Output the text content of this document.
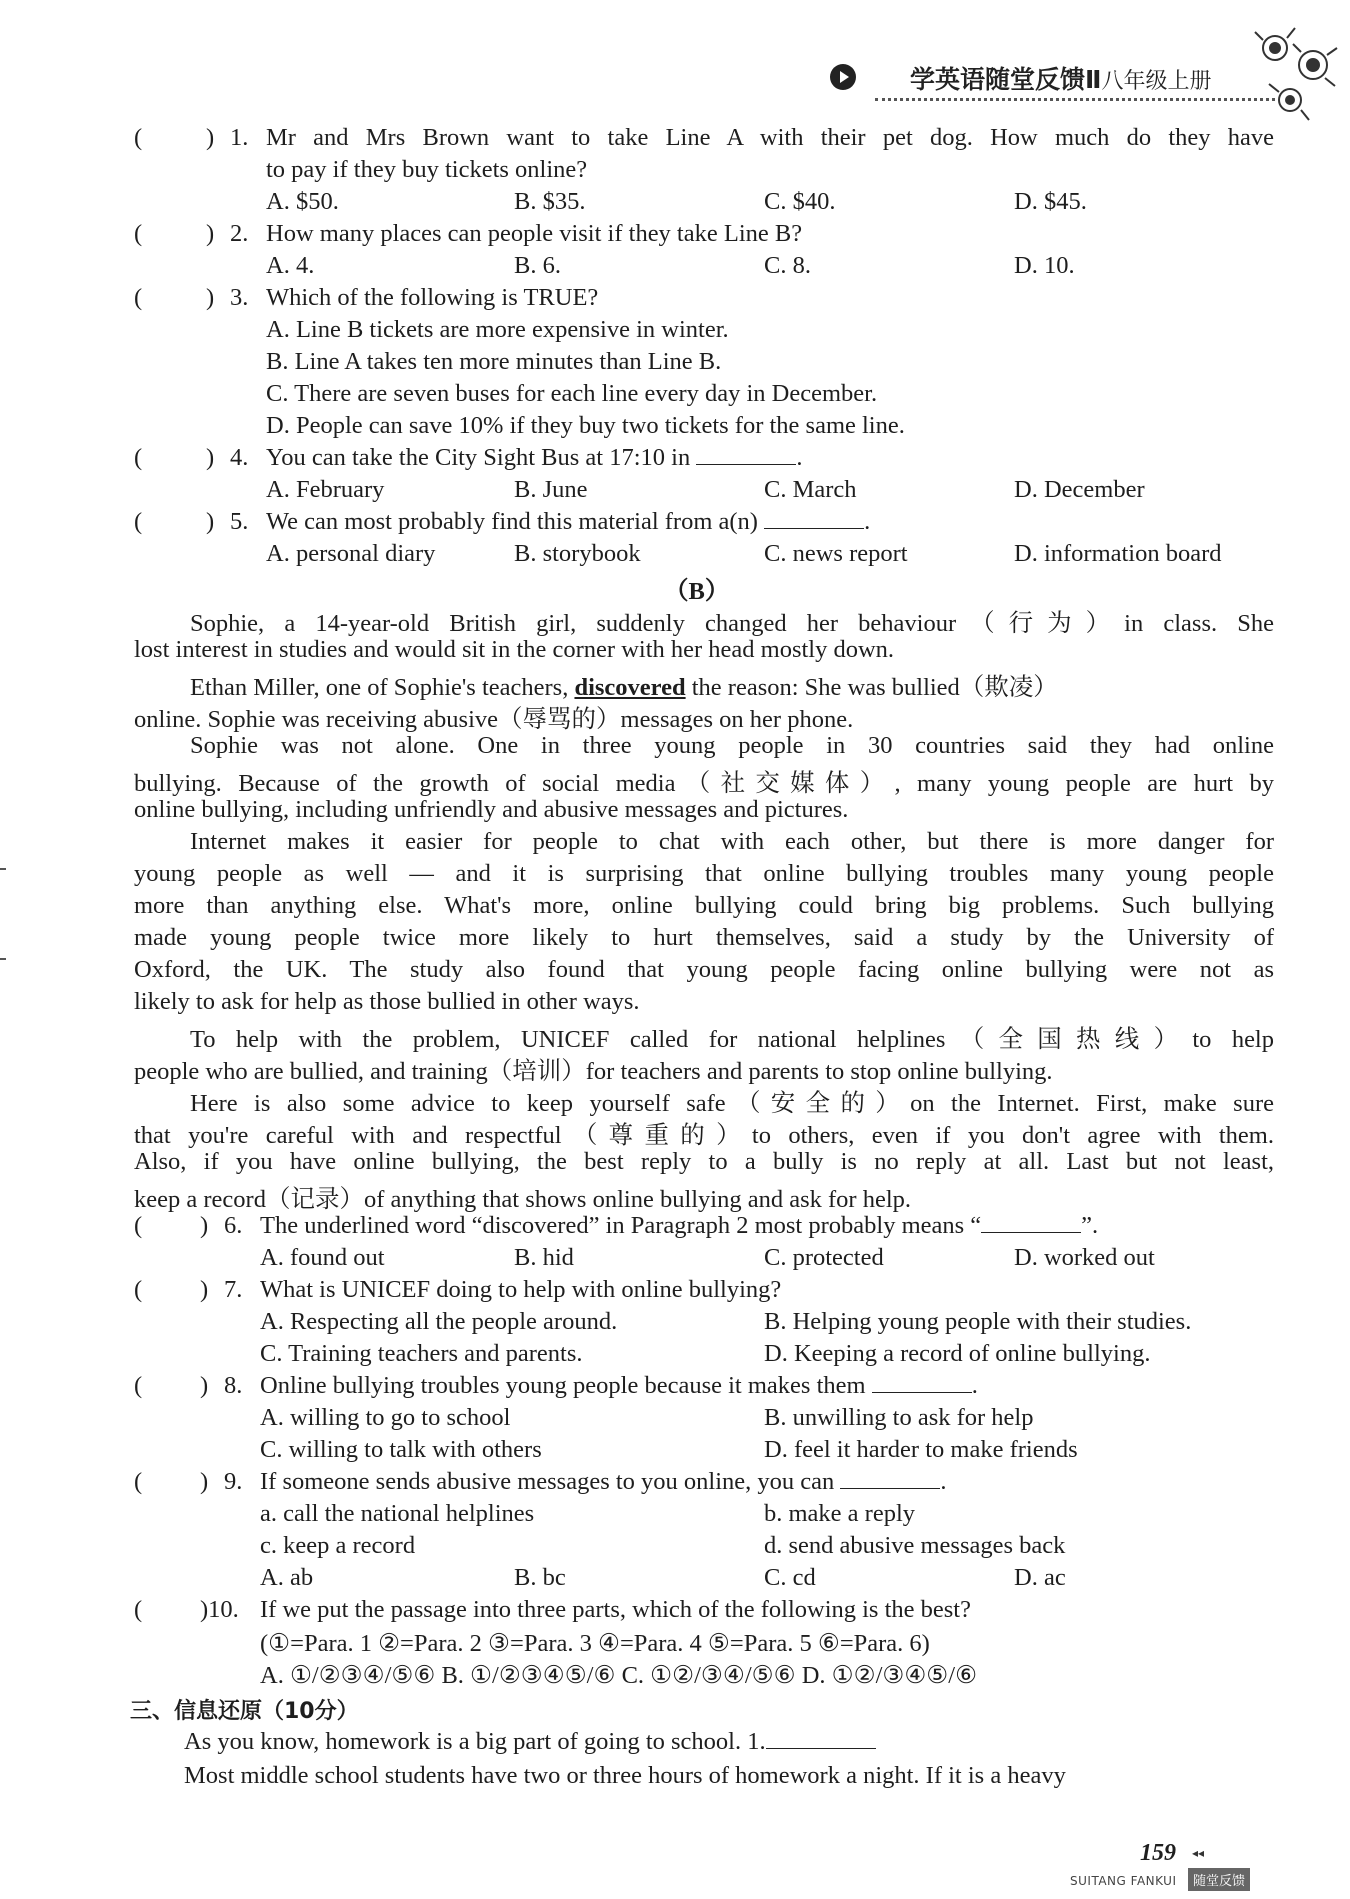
学英语随堂反馈Ⅱ八年级上册
(	) 1. Mr and Mrs Brown want to take Line A with their pet dog. How much do they have
to pay if they buy tickets online?
A. $50.	B. $35.	C. $40.	D. $45.
(	) 2. How many places can people visit if they take Line B?
A. 4.	B. 6.	C. 8.	D. 10.
(	) 3. Which of the following is TRUE?
A. Line B tickets are more expensive in winter.
B. Line A takes ten more minutes than Line B.
C. There are seven buses for each line every day in December.
D. People can save 10% if they buy two tickets for the same line.
(	) 4. You can take the City Sight Bus at 17:10 in	.
A. February	B. June	C. March	D. December
(	) 5. We can most probably find this material from a(n)	.
A. personal diary	B. storybook	C. news report	D. information board
（B）
Sophie, a 14-year-old British girl, suddenly changed her behaviour（行为）in class. She
lost interest in studies and would sit in the corner with her head mostly down.
Ethan Miller, one of Sophie's teachers, discovered the reason: She was bullied（欺凌）
online. Sophie was receiving abusive（辱骂的）messages on her phone.
Sophie was not alone. One in three young people in 30 countries said they had online
bullying. Because of the growth of social media（社交媒体）, many young people are hurt by
online bullying, including unfriendly and abusive messages and pictures.
Internet makes it easier for people to chat with each other, but there is more danger for
young people as well — and it is surprising that online bullying troubles many young people
more than anything else. What's more, online bullying could bring big problems. Such bullying
made young people twice more likely to hurt themselves, said a study by the University of
Oxford, the UK. The study also found that young people facing online bullying were not as
likely to ask for help as those bullied in other ways.
To help with the problem, UNICEF called for national helplines（全国热线）to help
people who are bullied, and training（培训）for teachers and parents to stop online bullying.
Here is also some advice to keep yourself safe（安全的）on the Internet. First, make sure
that you're careful with and respectful（尊重的）to others, even if you don't agree with them.
Also, if you have online bullying, the best reply to a bully is no reply at all. Last but not least,
keep a record（记录）of anything that shows online bullying and ask for help.
( ) 6. The underlined word “discovered” in Paragraph 2 most probably means “	”.
A. found out	B. hid	C. protected	D. worked out
( ) 7. What is UNICEF doing to help with online bullying?
A. Respecting all the people around.	B. Helping young people with their studies.
C. Training teachers and parents.	D. Keeping a record of online bullying.
( ) 8. Online bullying troubles young people because it makes them	.
A. willing to go to school	B. unwilling to ask for help
C. willing to talk with others	D. feel it harder to make friends
( ) 9. If someone sends abusive messages to you online, you can	.
a. call the national helplines	b. make a reply
c. keep a record	d. send abusive messages back
A. ab	B. bc	C. cd	D. ac
( )10. If we put the passage into three parts, which of the following is the best?
(①=Para. 1 ②=Para. 2 ③=Para. 3 ④=Para. 4 ⑤=Para. 5 ⑥=Para. 6)
A. ①/②③④/⑤⑥ B. ①/②③④⑤/⑥ C. ①②/③④/⑤⑥ D. ①②/③④⑤/⑥
三、信息还原（10分）
As you know, homework is a big part of going to school. 1.
Most middle school students have two or three hours of homework a night. If it is a heavy
159 ◂◂
SUITANG FANKUI	随堂反馈
